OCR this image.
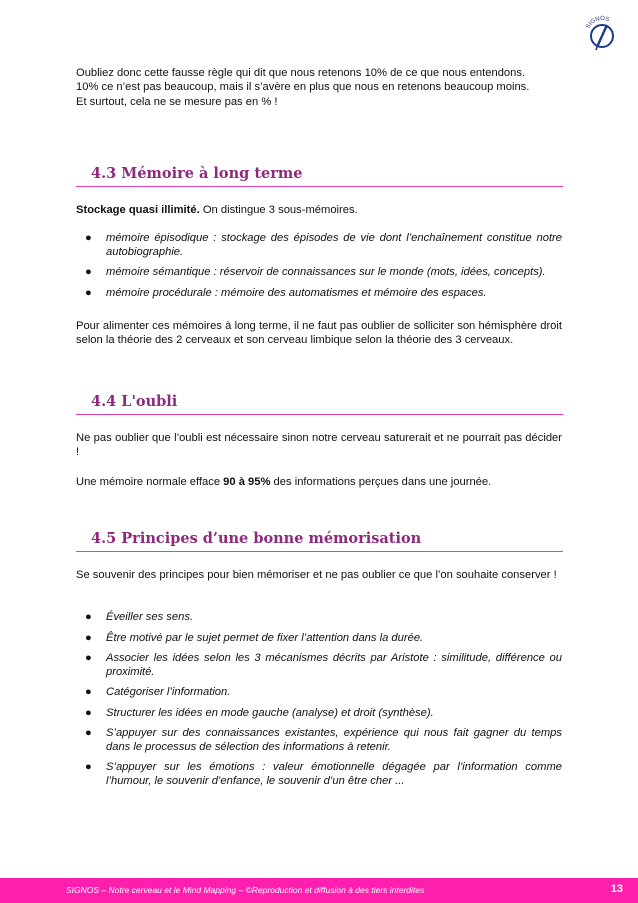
SIGNOS
Oubliez donc cette fausse règle qui dit que nous retenons 10% de ce que nous entendons.
10% ce n’est pas beaucoup, mais il s’avère en plus que nous en retenons beaucoup moins.
Et surtout, cela ne se mesure pas en % !
4.3 Mémoire à long terme
Stockage quasi illimité. On distingue 3 sous-mémoires.
● mémoire épisodique : stockage des épisodes de vie dont l’enchaînement constitue notre autobiographie.
● mémoire sémantique : réservoir de connaissances sur le monde (mots, idées, concepts).
● mémoire procédurale : mémoire des automatismes et mémoire des espaces.
Pour alimenter ces mémoires à long terme, il ne faut pas oublier de solliciter son hémisphère droit selon la théorie des 2 cerveaux et son cerveau limbique selon la théorie des 3 cerveaux.
4.4 L'oubli
Ne pas oublier que l’oubli est nécessaire sinon notre cerveau saturerait et ne pourrait pas décider !
Une mémoire normale efface 90 à 95% des informations perçues dans une journée.
4.5 Principes d’une bonne mémorisation
Se souvenir des principes pour bien mémoriser et ne pas oublier ce que l’on souhaite conserver !
● Éveiller ses sens.
● Être motivé par le sujet permet de fixer l’attention dans la durée.
● Associer les idées selon les 3 mécanismes décrits par Aristote : similitude, différence ou proximité.
● Catégoriser l’information.
● Structurer les idées en mode gauche (analyse) et droit (synthèse).
● S’appuyer sur des connaissances existantes, expérience qui nous fait gagner du temps dans le processus de sélection des informations à retenir.
● S’appuyer sur les émotions : valeur émotionnelle dégagée par l’information comme l’humour, le souvenir d’enfance, le souvenir d’un être cher ...
SIGNOS – Notre cerveau et le Mind Mapping – ©Reproduction et diffusion à des tiers interdites	13
